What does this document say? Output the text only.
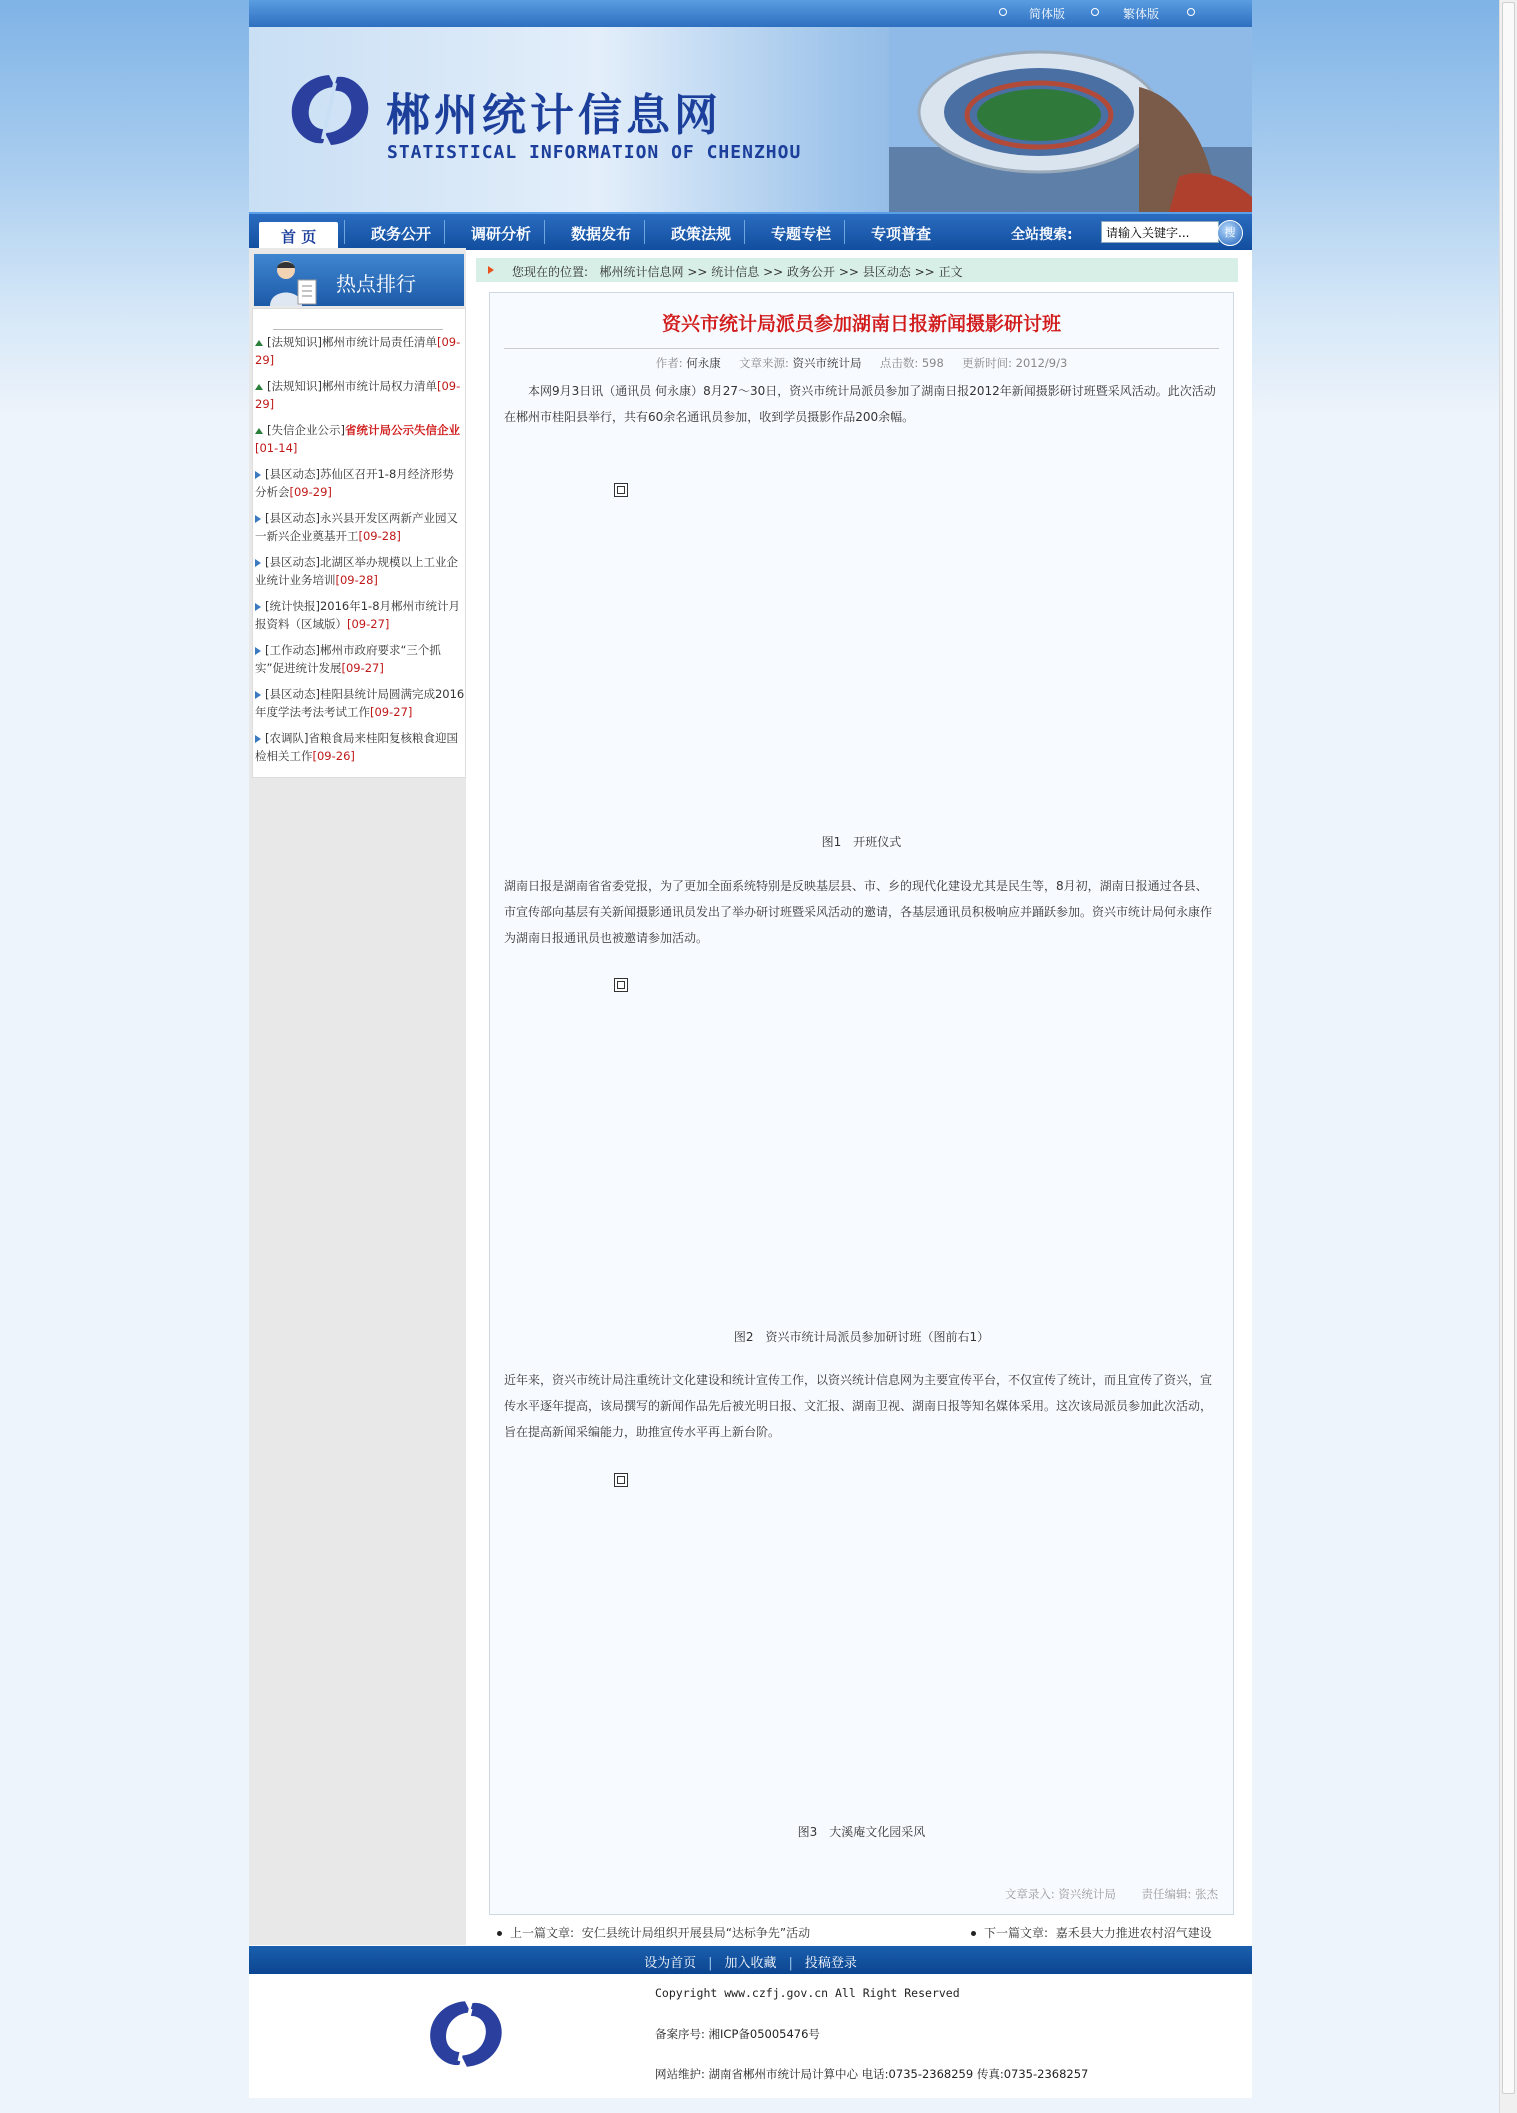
简体版	繁体版
郴州统计信息网
STATISTICAL INFORMATION OF CHENZHOU
首 页	政务公开	调研分析	数据发布	政策法规	专题专栏	专项普查	全站搜索:
请输入关键字...	搜
热点排行
[法规知识]郴州市统计局责任清单[09-29]
[法规知识]郴州市统计局权力清单[09-29]
[失信企业公示]省统计局公示失信企业[01-14]
[县区动态]苏仙区召开1-8月经济形势分析会[09-29]
[县区动态]永兴县开发区两新产业园又一新兴企业奠基开工[09-28]
[县区动态]北湖区举办规模以上工业企业统计业务培训[09-28]
[统计快报]2016年1-8月郴州市统计月报资料（区域版）[09-27]
[工作动态]郴州市政府要求“三个抓实”促进统计发展[09-27]
[县区动态]桂阳县统计局圆满完成2016年度学法考法考试工作[09-27]
[农调队]省粮食局来桂阳复核粮食迎国检相关工作[09-26]
您现在的位置: 郴州统计信息网 >> 统计信息 >> 政务公开 >> 县区动态 >> 正文
资兴市统计局派员参加湖南日报新闻摄影研讨班
作者: 何永康 文章来源: 资兴市统计局 点击数: 598 更新时间: 2012/9/3
本网9月3日讯（通讯员 何永康）8月27～30日，资兴市统计局派员参加了湖南日报2012年新闻摄影研讨班暨采风活动。此次活动在郴州市桂阳县举行，共有60余名通讯员参加，收到学员摄影作品200余幅。
图1　开班仪式
湖南日报是湖南省省委党报，为了更加全面系统特别是反映基层县、市、乡的现代化建设尤其是民生等，8月初，湖南日报通过各县、市宣传部向基层有关新闻摄影通讯员发出了举办研讨班暨采风活动的邀请，各基层通讯员积极响应并踊跃参加。资兴市统计局何永康作为湖南日报通讯员也被邀请参加活动。
图2　资兴市统计局派员参加研讨班（图前右1）
近年来，资兴市统计局注重统计文化建设和统计宣传工作，以资兴统计信息网为主要宣传平台，不仅宣传了统计，而且宣传了资兴，宣传水平逐年提高，该局撰写的新闻作品先后被光明日报、文汇报、湖南卫视、湖南日报等知名媒体采用。这次该局派员参加此次活动，旨在提高新闻采编能力，助推宣传水平再上新台阶。
图3　大溪庵文化园采风
文章录入: 资兴统计局 责任编辑: 张杰
上一篇文章: 安仁县统计局组织开展县局“达标争先”活动	下一篇文章: 嘉禾县大力推进农村沼气建设
设为首页 | 加入收藏 | 投稿登录
Copyright www.czfj.gov.cn All Right Reserved
备案序号: 湘ICP备05005476号
网站维护: 湖南省郴州市统计局计算中心 电话:0735-2368259 传真:0735-2368257
